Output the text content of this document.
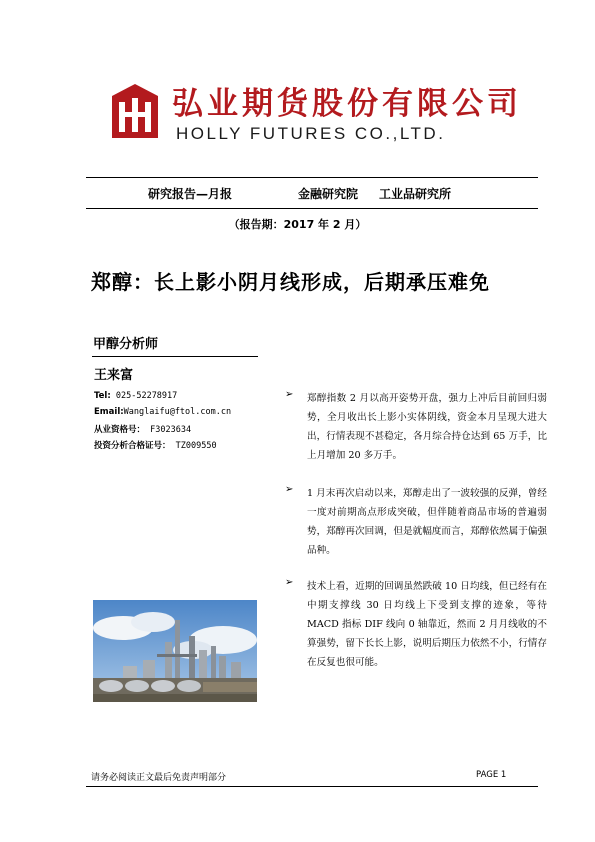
弘业期货股份有限公司
HOLLY FUTURES CO.,LTD.
研究报告—月报	金融研究院 工业品研究所
（报告期：2017 年 2 月）
郑醇：长上影小阴月线形成，后期承压难免
甲醇分析师
王来富
Tel: 025-52278917
Email:Wanglaifu@ftol.com.cn
从业资格号： F3023634
投资分析合格证号： TZ009550
➢ 郑醇指数 2 月以高开姿势开盘，强力上冲后目前回归弱势，全月收出长上影小实体阴线，资金本月呈现大进大出，行情表现不甚稳定，各月综合持仓达到 65 万手，比上月增加 20 多万手。
➢ 1 月末再次启动以来，郑醇走出了一波较强的反弹，曾经一度对前期高点形成突破，但伴随着商品市场的普遍弱势，郑醇再次回调，但是就幅度而言，郑醇依然属于偏强品种。
➢ 技术上看，近期的回调虽然跌破 10 日均线，但已经有在中期支撑线 30 日均线上下受到支撑的迹象，等待 MACD 指标 DIF 线向 0 轴靠近，然而 2 月月线收的不算强势，留下长长上影，说明后期压力依然不小，行情存在反复也很可能。
请务必阅读正文最后免责声明部分	PAGE 1
